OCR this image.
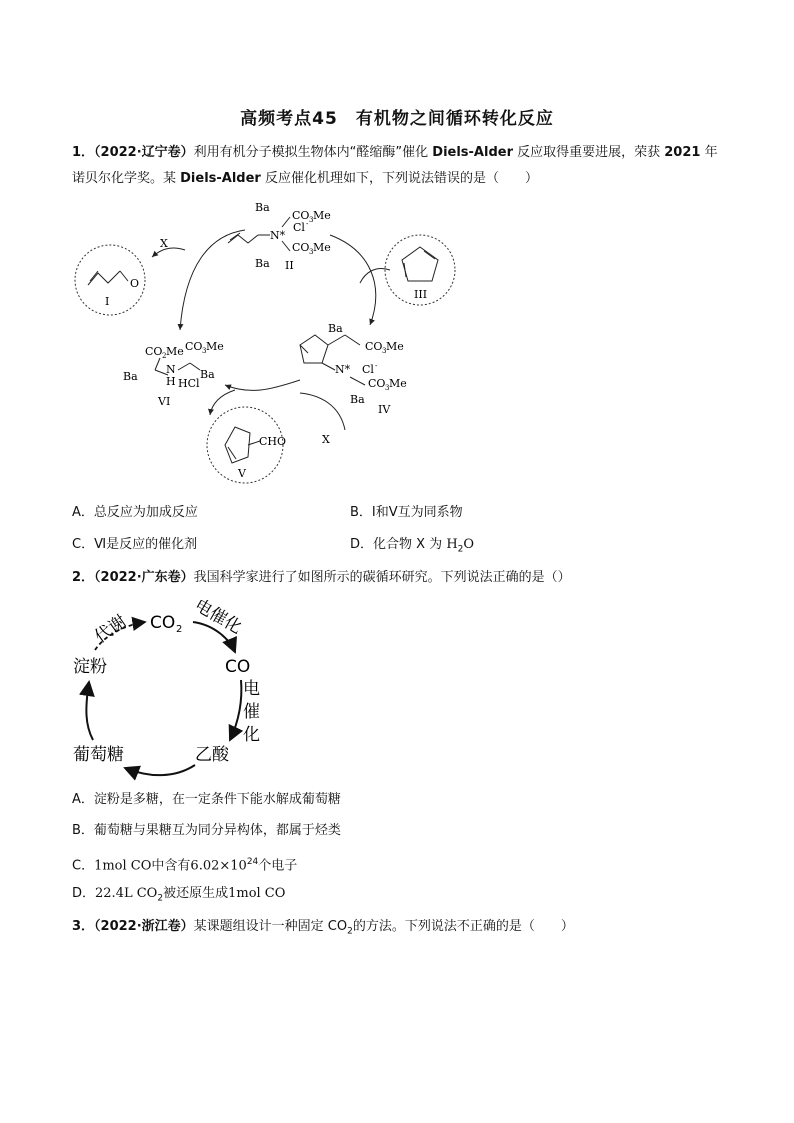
高频考点45　有机物之间循环转化反应
1．（2022·辽宁卷）利用有机分子模拟生物体内“醛缩酶”催化 Diels-Alder 反应取得重要进展，荣获 2021 年
诺贝尔化学奖。某 Diels-Alder 反应催化机理如下，下列说法错误的是（　　）
X
X
O
I
N*
Cl -
Ba
CO 3 Me
CO 3 Me
Ba II
III
Ba
CO 3 Me
N* Cl -
CO 3 Me
Ba
IV
CO 2 Me CO 3 Me
Ba
N
H
Ba
HCl
VI
CHO
V
A．总反应为加成反应	B．Ⅰ和Ⅴ互为同系物
C．Ⅵ是反应的催化剂	D．化合物 X 为 $H_2O$
2．（2022·广东卷）我国科学家进行了如图所示的碳循环研究。下列说法正确的是（）
CO 2
CO
淀粉
葡萄糖	乙酸
代谢	电催化
电
催
化
A．淀粉是多糖，在一定条件下能水解成葡萄糖
B．葡萄糖与果糖互为同分异构体，都属于烃类
C．1mol CO中含有$6.02\times 10^{24}$个电子
D．22.4L $CO_2$被还原生成1mol CO
3．（2022·浙江卷）某课题组设计一种固定 $CO_2$的方法。下列说法不正确的是（　　）
